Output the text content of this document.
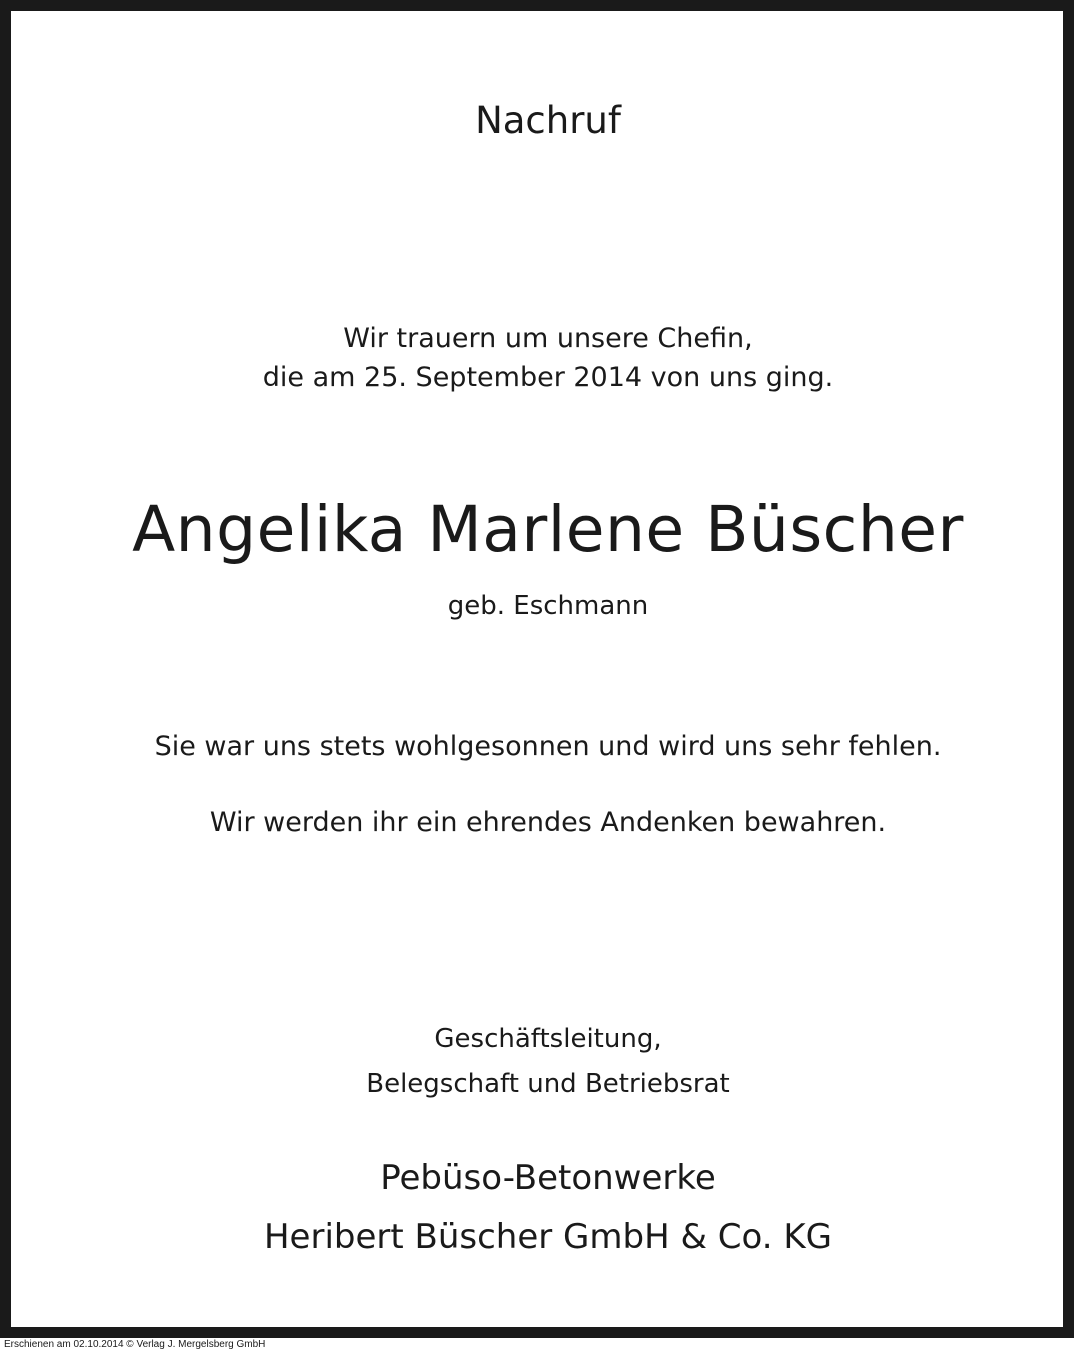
Nachruf
Wir trauern um unsere Chefin,
die am 25. September 2014 von uns ging.
Angelika Marlene Büscher
geb. Eschmann
Sie war uns stets wohlgesonnen und wird uns sehr fehlen.
Wir werden ihr ein ehrendes Andenken bewahren.
Geschäftsleitung,
Belegschaft und Betriebsrat
Pebüso-Betonwerke
Heribert Büscher GmbH & Co. KG
Erschienen am 02.10.2014 © Verlag J. Mergelsberg GmbH
